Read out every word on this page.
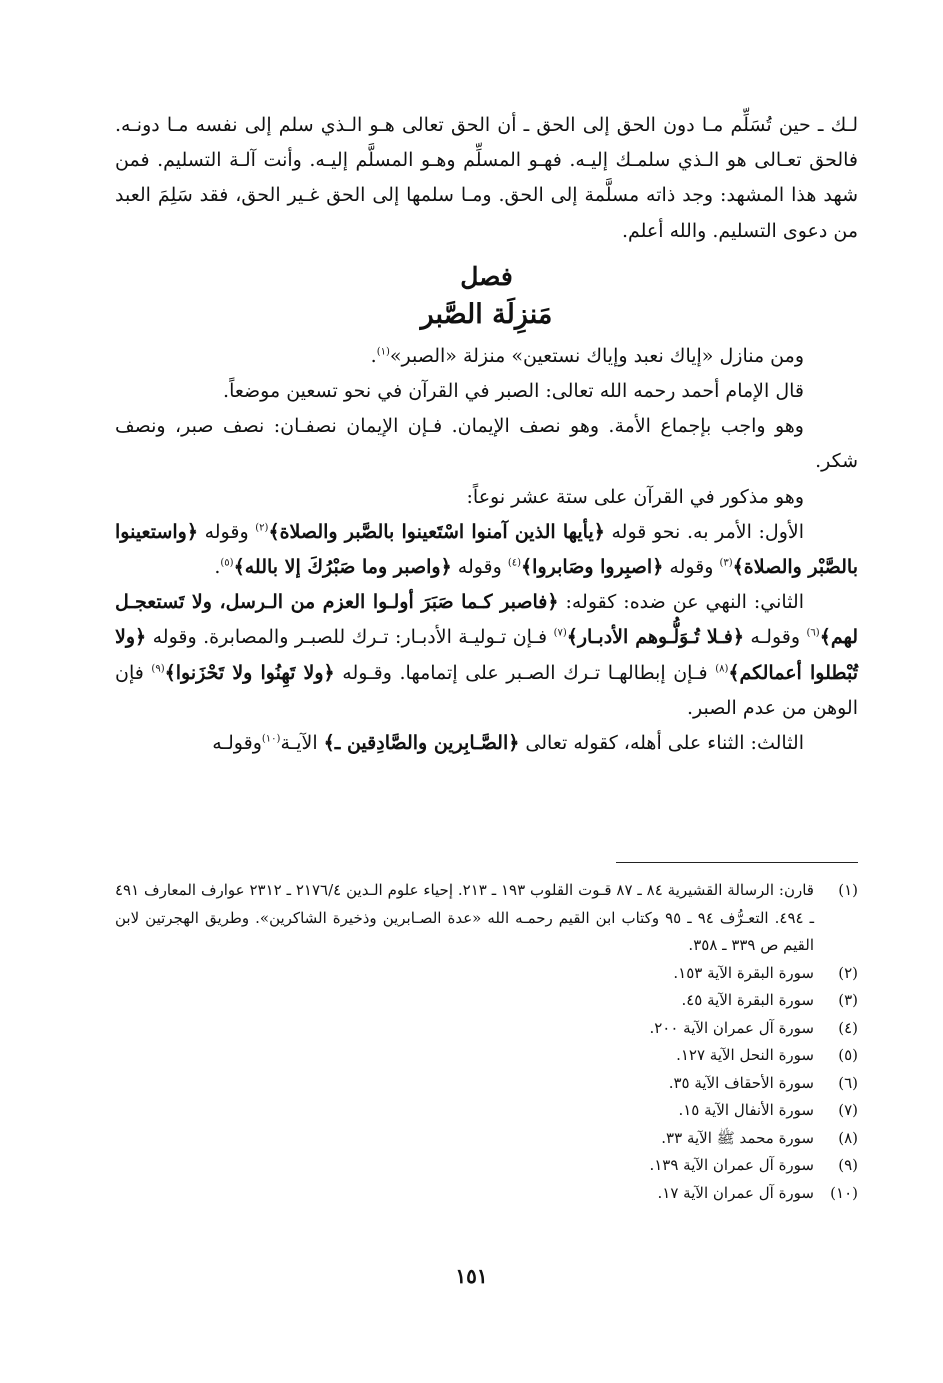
لـك ـ حين تُسَلِّم مـا دون الحق إلى الحق ـ أن الحق تعالى هـو الـذي سلم إلى نفسه مـا دونـه. فالحق تعـالى هو الـذي سلمـك إليـه. فهـو المسلِّم وهـو المسلَّم إليـه. وأنت آلـة التسليم. فمن شهد هذا المشهد: وجد ذاته مسلَّمة إلى الحق. ومـا سلمها إلى الحق غـير الحق، فقد سَلِمَ العبد من دعوى التسليم. والله أعلم.

فصل
مَنزِلَة الصَّبر

ومن منازل «إياك نعبد وإياك نستعين» منزلة «الصبر»$^{(١)}$.

قال الإمام أحمد رحمه الله تعالى: الصبر في القرآن في نحو تسعين موضعاً.

وهو واجب بإجماع الأمة. وهو نصف الإيمان. فـإن الإيمان نصفـان: نصف صبر، ونصف شكر.

وهو مذكور في القرآن على ستة عشر نوعاً:

الأول: الأمر به. نحو قوله ﴿يأيها الذين آمنوا اسْتَعينوا بالصَّبر والصلاة﴾$^{(٢)}$ وقوله ﴿واستعينوا بالصَّبْر والصلاة﴾$^{(٣)}$ وقوله ﴿اصبِروا وصَابروا﴾$^{(٤)}$ وقوله ﴿واصبر وما صَبْرُكَ إلا بالله﴾$^{(٥)}$.

الثاني: النهي عن ضده: كقوله: ﴿فاصبر كـما صَبَرَ أولـوا العزم من الـرسل، ولا تَستعجـل لهم﴾$^{(٦)}$ وقولـه ﴿فـلا تُـوَلُّـوهم الأدبـار﴾$^{(٧)}$ فـإن تـوليـة الأدبـار: تـرك للصبـر والمصابرة. وقوله ﴿ولا تُبْطلوا أعمالكم﴾$^{(٨)}$ فـإن إبطالهـا تـرك الصـبر على إتمامها. وقـوله ﴿ولا تَهِنُوا ولا تَحْزَنوا﴾$^{(٩)}$ فإن الوهن من عدم الصبر.

الثالث: الثناء على أهله، كقوله تعالى ﴿الصَّـابِرين والصَّادِقين ـ﴾ الآيـة$^{(١٠)}$وقولـه

(١)
قارن: الرسالة القشيرية ٨٤ ـ ٨٧ قـوت القلوب ١٩٣ ـ ٢١٣. إحياء علوم الـدين ٢١٧٦/٤ ـ ٢٣١٢ عوارف المعارف ٤٩١ ـ ٤٩٤. التعـرُّف ٩٤ ـ ٩٥ وكتاب ابن القيم رحمـه الله «عدة الصـابرين وذخيرة الشاكرين». وطريق الهجرتين لابن القيم ص ٣٣٩ ـ ٣٥٨.
(٢)
سورة البقرة الآية ١٥٣.
(٣)
سورة البقرة الآية ٤٥.
(٤)
سورة آل عمران الآية ٢٠٠.
(٥)
سورة النحل الآية ١٢٧.
(٦)
سورة الأحقاف الآية ٣٥.
(٧)
سورة الأنفال الآية ١٥.
(٨)
سورة محمد ﷺ الآية ٣٣.
(٩)
سورة آل عمران الآية ١٣٩.
(١٠)
سورة آل عمران الآية ١٧.
١٥١
